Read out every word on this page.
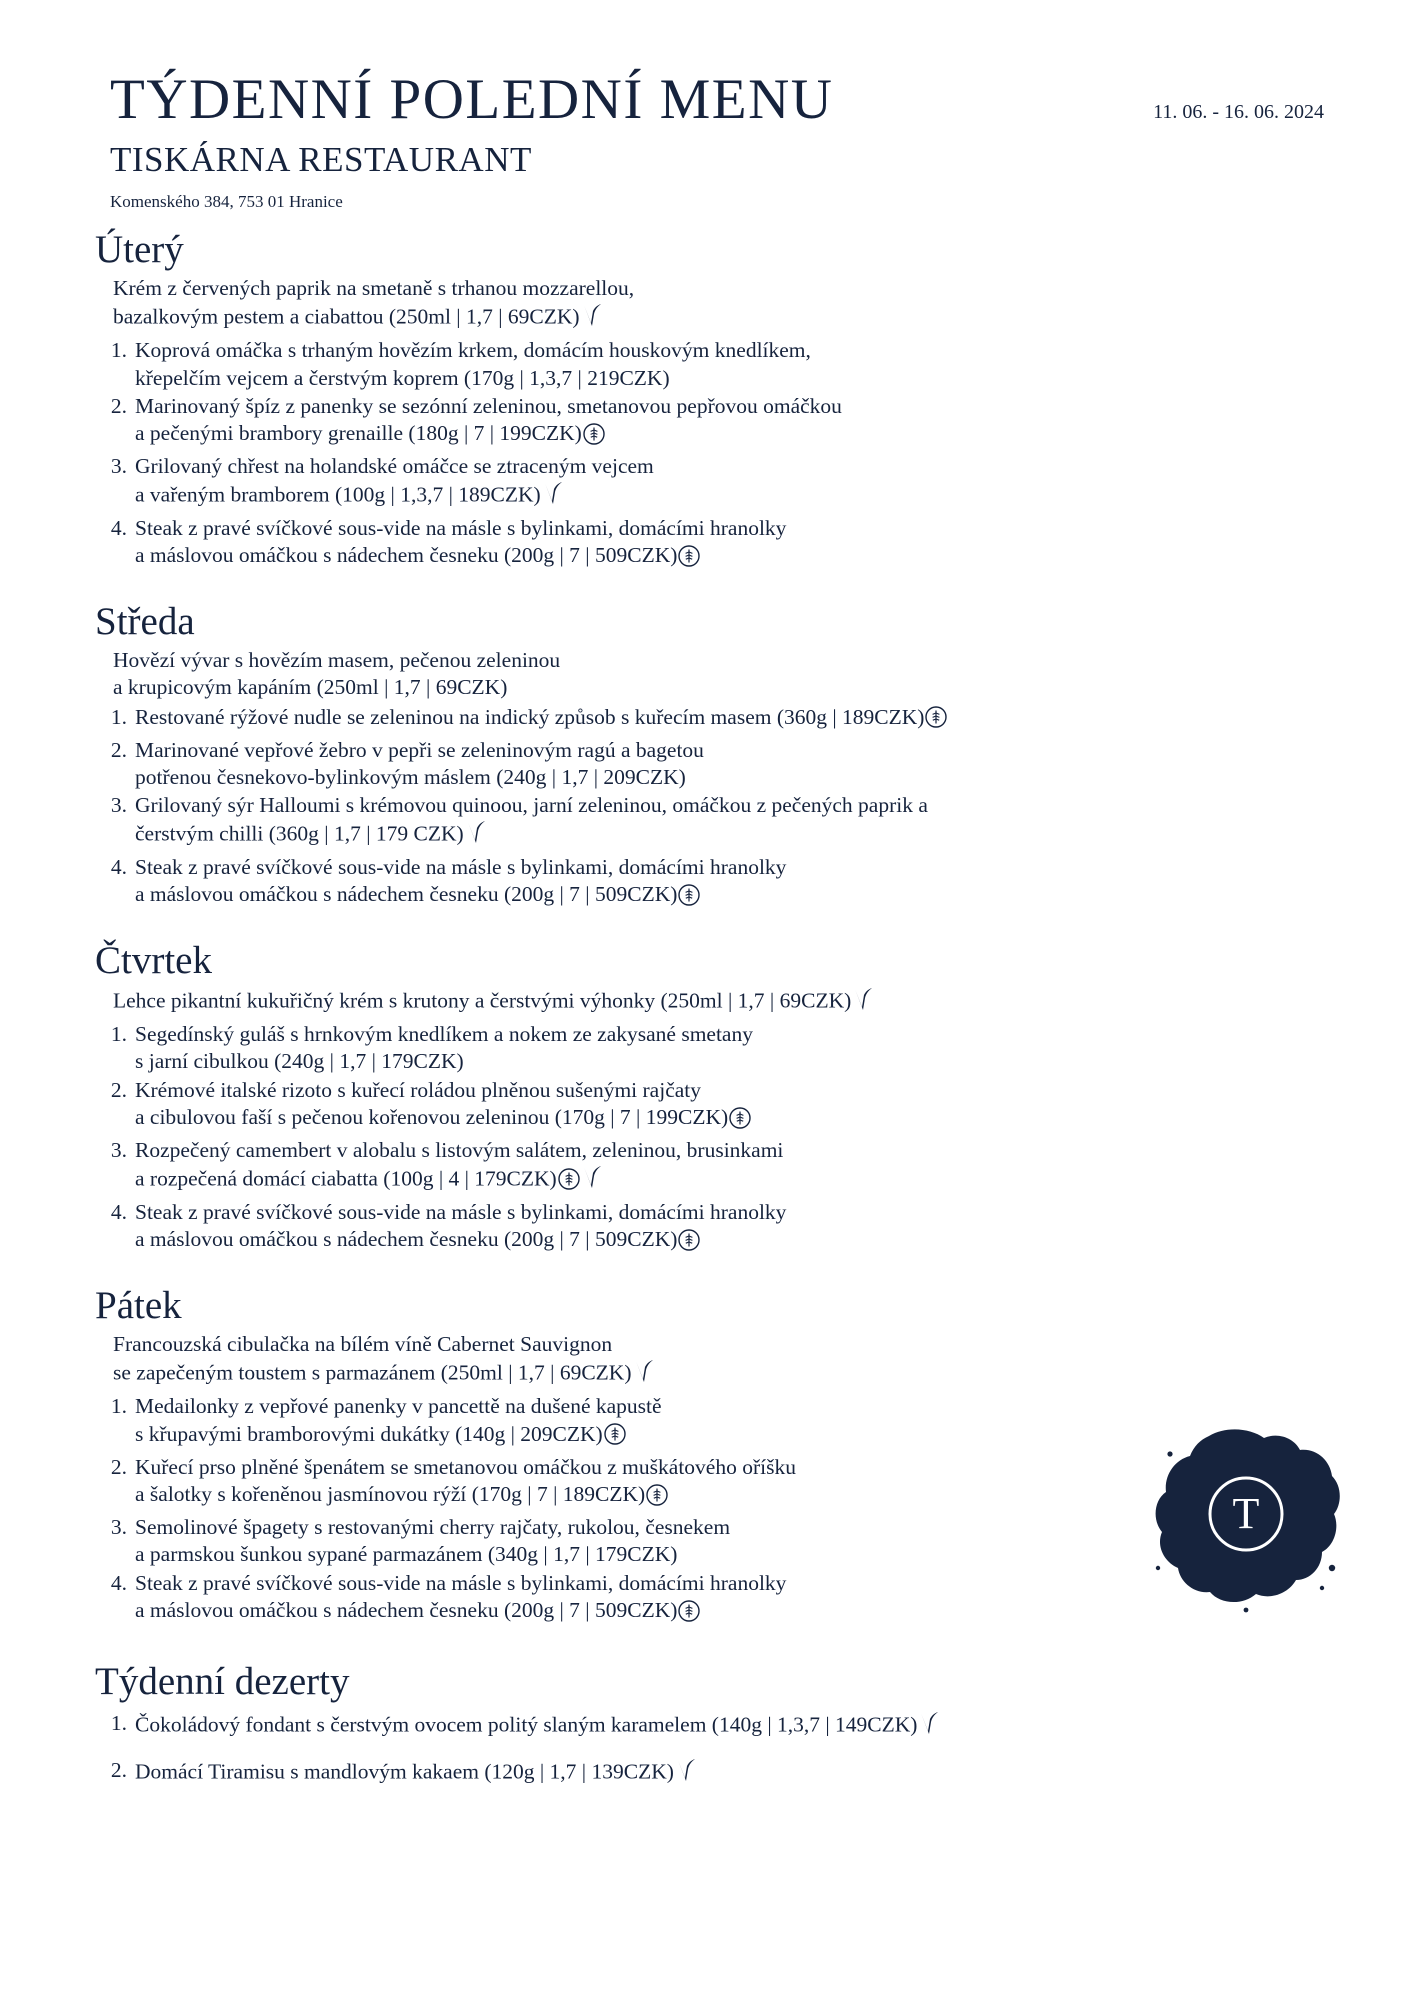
TÝDENNÍ POLEDNÍ MENU	11. 06. - 16. 06. 2024
TISKÁRNA RESTAURANT
Komenského 384, 753 01 Hranice
Úterý
Krém z červených paprik na smetaně s trhanou mozzarellou,
bazalkovým pestem a ciabattou (250ml | 1,7 | 69CZK)
1. Koprová omáčka s trhaným hovězím krkem, domácím houskovým knedlíkem,
křepelčím vejcem a čerstvým koprem (170g | 1,3,7 | 219CZK)
2. Marinovaný špíz z panenky se sezónní zeleninou, smetanovou pepřovou omáčkou
a pečenými brambory grenaille (180g | 7 | 199CZK)
3. Grilovaný chřest na holandské omáčce se ztraceným vejcem
a vařeným bramborem (100g | 1,3,7 | 189CZK)
4. Steak z pravé svíčkové sous-vide na másle s bylinkami, domácími hranolky
a máslovou omáčkou s nádechem česneku (200g | 7 | 509CZK)
Středa
Hovězí vývar s hovězím masem, pečenou zeleninou
a krupicovým kapáním (250ml | 1,7 | 69CZK)
1. Restované rýžové nudle se zeleninou na indický způsob s kuřecím masem (360g | 189CZK)
2. Marinované vepřové žebro v pepři se zeleninovým ragú a bagetou
potřenou česnekovo-bylinkovým máslem (240g | 1,7 | 209CZK)
3. Grilovaný sýr Halloumi s krémovou quinoou, jarní zeleninou, omáčkou z pečených paprik a
čerstvým chilli (360g | 1,7 | 179 CZK)
4. Steak z pravé svíčkové sous-vide na másle s bylinkami, domácími hranolky
a máslovou omáčkou s nádechem česneku (200g | 7 | 509CZK)
Čtvrtek
Lehce pikantní kukuřičný krém s krutony a čerstvými výhonky (250ml | 1,7 | 69CZK)
1. Segedínský guláš s hrnkovým knedlíkem a nokem ze zakysané smetany
s jarní cibulkou (240g | 1,7 | 179CZK)
2. Krémové italské rizoto s kuřecí roládou plněnou sušenými rajčaty
a cibulovou faší s pečenou kořenovou zeleninou (170g | 7 | 199CZK)
3. Rozpečený camembert v alobalu s listovým salátem, zeleninou, brusinkami
a rozpečená domácí ciabatta (100g | 4 | 179CZK)
4. Steak z pravé svíčkové sous-vide na másle s bylinkami, domácími hranolky
a máslovou omáčkou s nádechem česneku (200g | 7 | 509CZK)
Pátek
Francouzská cibulačka na bílém víně Cabernet Sauvignon
se zapečeným toustem s parmazánem (250ml | 1,7 | 69CZK)
1. Medailonky z vepřové panenky v pancettě na dušené kapustě
s křupavými bramborovými dukátky (140g | 209CZK)
2. Kuřecí prso plněné špenátem se smetanovou omáčkou z muškátového oříšku
a šalotky s kořeněnou jasmínovou rýží (170g | 7 | 189CZK)
3. Semolinové špagety s restovanými cherry rajčaty, rukolou, česnekem
a parmskou šunkou sypané parmazánem (340g | 1,7 | 179CZK)
4. Steak z pravé svíčkové sous-vide na másle s bylinkami, domácími hranolky
a máslovou omáčkou s nádechem česneku (200g | 7 | 509CZK)
Týdenní dezerty
1. Čokoládový fondant s čerstvým ovocem politý slaným karamelem (140g | 1,3,7 | 149CZK)
2. Domácí Tiramisu s mandlovým kakaem (120g | 1,7 | 139CZK)
T
